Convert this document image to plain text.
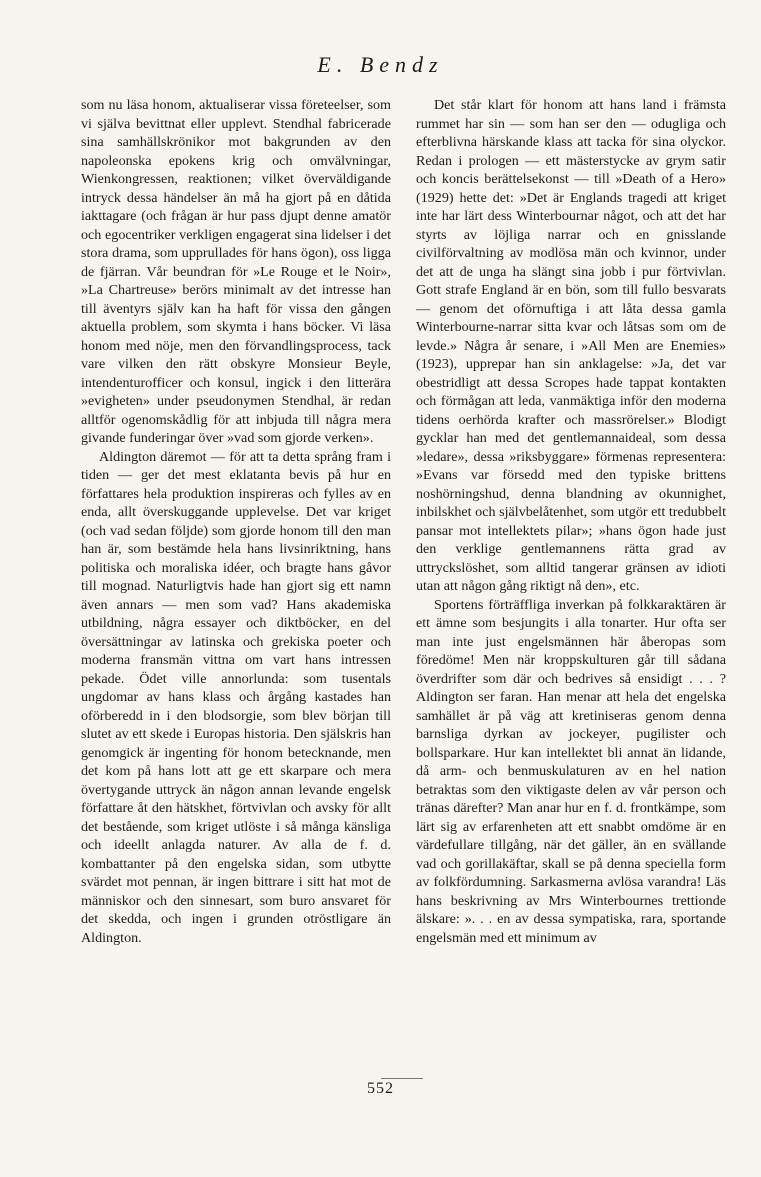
E. Bendz

som nu läsa honom, aktualiserar vissa företeelser, som vi själva bevittnat eller upplevt. Stendhal fabricerade sina samhällskrönikor mot bakgrunden av den napoleonska epokens krig och omvälvningar, Wienkongressen, reaktionen; vilket överväldigande intryck dessa händelser än må ha gjort på en dåtida iakttagare (och frågan är hur pass djupt denne amatör och egocentriker verkligen engagerat sina lidelser i det stora drama, som upprullades för hans ögon), oss ligga de fjärran. Vår beundran för »Le Rouge et le Noir», »La Chartreuse» berörs minimalt av det intresse han till äventyrs själv kan ha haft för vissa den gången aktuella problem, som skymta i hans böcker. Vi läsa honom med nöje, men den förvandlingsprocess, tack vare vilken den rätt obskyre Monsieur Beyle, intendenturofficer och konsul, ingick i den litterära »evigheten» under pseudonymen Stendhal, är redan alltför ogenomskådlig för att inbjuda till några mera givande funderingar över »vad som gjorde verken».

Aldington däremot — för att ta detta språng fram i tiden — ger det mest eklatanta bevis på hur en författares hela produktion inspireras och fylles av en enda, allt överskuggande upplevelse. Det var kriget (och vad sedan följde) som gjorde honom till den man han är, som bestämde hela hans livsinriktning, hans politiska och moraliska idéer, och bragte hans gåvor till mognad. Naturligtvis hade han gjort sig ett namn även annars — men som vad? Hans akademiska utbildning, några essayer och diktböcker, en del översättningar av latinska och grekiska poeter och moderna fransmän vittna om vart hans intressen pekade. Ödet ville annorlunda: som tusentals ungdomar av hans klass och årgång kastades han oförberedd in i den blodsorgie, som blev början till slutet av ett skede i Europas historia. Den själskris han genomgick är ingenting för honom betecknande, men det kom på hans lott att ge ett skarpare och mera övertygande uttryck än någon annan levande engelsk författare åt den hätskhet, förtvivlan och avsky för allt det bestående, som kriget utlöste i så många känsliga och ideellt anlagda naturer. Av alla de f. d. kombattanter på den engelska sidan, som utbytte svärdet mot pennan, är ingen bittrare i sitt hat mot de människor och den sinnesart, som buro ansvaret för det skedda, och ingen i grunden otröstligare än Aldington.

Det står klart för honom att hans land i främsta rummet har sin — som han ser den — odugliga och efterblivna härskande klass att tacka för sina olyckor. Redan i prologen — ett mästerstycke av grym satir och koncis berättelsekonst — till »Death of a Hero» (1929) hette det: »Det är Englands tragedi att kriget inte har lärt dess Winterbournar något, och att det har styrts av löjliga narrar och en gnisslande civilförvaltning av modlösa män och kvinnor, under det att de unga ha slängt sina jobb i pur förtvivlan. Gott strafe England är en bön, som till fullo besvarats — genom det oförnuftiga i att låta dessa gamla Winterbourne-narrar sitta kvar och låtsas som om de levde.» Några år senare, i »All Men are Enemies» (1923), upprepar han sin anklagelse: »Ja, det var obestridligt att dessa Scropes hade tappat kontakten och förmågan att leda, vanmäktiga inför den moderna tidens oerhörda krafter och massrörelser.» Blodigt gycklar han med det gentlemannaideal, som dessa »ledare», dessa »riksbyggare» förmenas representera: »Evans var försedd med den typiske brittens noshörningshud, denna blandning av okunnighet, inbilskhet och självbelåtenhet, som utgör ett tredubbelt pansar mot intellektets pilar»; »hans ögon hade just den verklige gentlemannens rätta grad av uttryckslöshet, som alltid tangerar gränsen av idioti utan att någon gång riktigt nå den», etc.

Sportens förträffliga inverkan på folkkaraktären är ett ämne som besjungits i alla tonarter. Hur ofta ser man inte just engelsmännen här åberopas som föredöme! Men när kroppskulturen går till sådana överdrifter som där och bedrives så ensidigt . . . ? Aldington ser faran. Han menar att hela det engelska samhället är på väg att kretiniseras genom denna barnsliga dyrkan av jockeyer, pugilister och bollsparkare. Hur kan intellektet bli annat än lidande, då arm- och benmuskulaturen av en hel nation betraktas som den viktigaste delen av vår person och tränas därefter? Man anar hur en f. d. frontkämpe, som lärt sig av erfarenheten att ett snabbt omdöme är en värdefullare tillgång, när det gäller, än en svällande vad och gorillakäftar, skall se på denna speciella form av folkfördumning. Sarkasmerna avlösa varandra! Läs hans beskrivning av Mrs Winterbournes trettionde älskare: ». . . en av dessa sympatiska, rara, sportande engelsmän med ett minimum av

552
